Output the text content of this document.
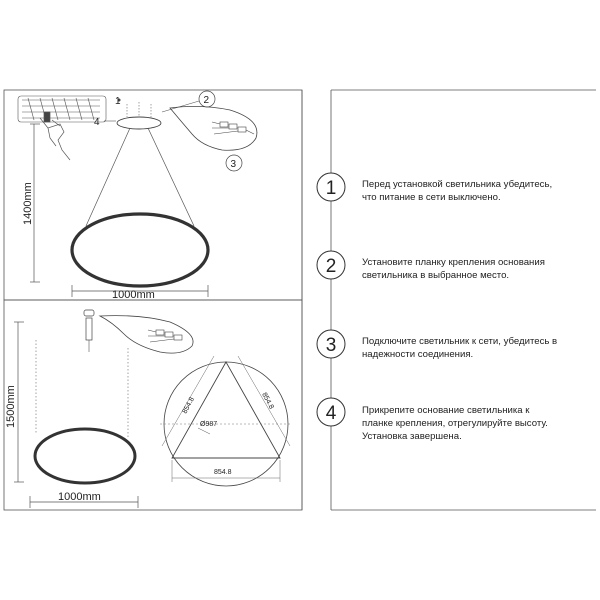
1
4
2
3
1400mm
1000mm
1500mm
1000mm
Ø987
854.8	854.8
854.8
1
2
3
4
Перед установкой светильника убедитесь,
что питание в сети выключено.
Установите планку крепления основания
светильника в выбранное место.
Подключите светильник к сети, убедитесь в
надежности соединения.
Прикрепите основание светильника к
планке крепления, отрегулируйте высоту.
Установка завершена.
